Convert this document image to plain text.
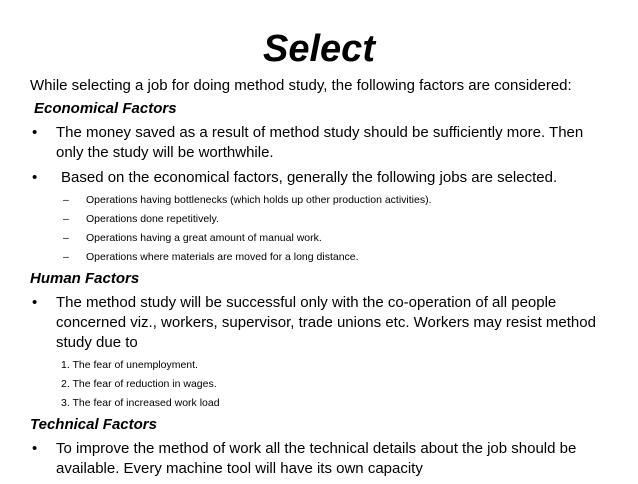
Select
While selecting a job for doing method study, the following factors are considered:
Economical Factors
• The money saved as a result of method study should be sufficiently more. Then
only the study will be worthwhile.
•	Based on the economical factors, generally the following jobs are selected.
– Operations having bottlenecks (which holds up other production activities).
– Operations done repetitively.
– Operations having a great amount of manual work.
– Operations where materials are moved for a long distance.
Human Factors
• The method study will be successful only with the co-operation of all people
concerned viz., workers, supervisor, trade unions etc. Workers may resist method
study due to
1. The fear of unemployment.
2. The fear of reduction in wages.
3. The fear of increased work load
Technical Factors
• To improve the method of work all the technical details about the job should be
available. Every machine tool will have its own capacity
